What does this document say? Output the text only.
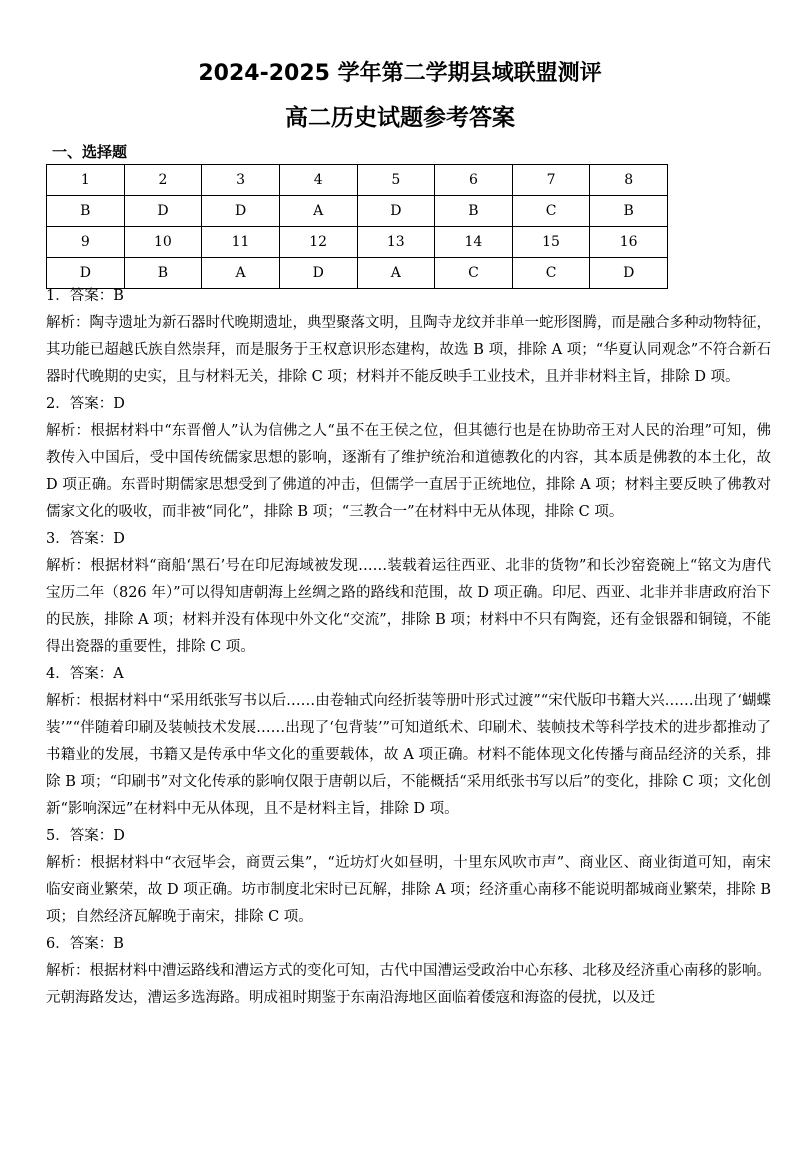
2024-2025 学年第二学期县域联盟测评
高二历史试题参考答案
一、选择题
1	2	3	4	5	6	7	8
B	D	D	A	D	B	C	B
9	10	11	12	13	14	15	16
D	B	A	D	A	C	C	D
1．答案：B
解析：陶寺遗址为新石器时代晚期遗址，典型聚落文明，且陶寺龙纹并非单一蛇形图腾，而是融合多种动物特征，其功能已超越氏族自然崇拜，而是服务于王权意识形态建构，故选 B 项，排除 A 项；“华夏认同观念”不符合新石器时代晚期的史实，且与材料无关，排除 C 项；材料并不能反映手工业技术，且并非材料主旨，排除 D 项。
2．答案：D
解析：根据材料中“东晋僧人”认为信佛之人“虽不在王侯之位，但其德行也是在协助帝王对人民的治理”可知，佛教传入中国后，受中国传统儒家思想的影响，逐渐有了维护统治和道德教化的内容，其本质是佛教的本土化，故 D 项正确。东晋时期儒家思想受到了佛道的冲击，但儒学一直居于正统地位，排除 A 项；材料主要反映了佛教对儒家文化的吸收，而非被“同化”，排除 B 项；“三教合一”在材料中无从体现，排除 C 项。
3．答案：D
解析：根据材料“商船‘黑石’号在印尼海域被发现……装载着运往西亚、北非的货物”和长沙窑瓷碗上“铭文为唐代宝历二年（826 年）”可以得知唐朝海上丝绸之路的路线和范围，故 D 项正确。印尼、西亚、北非并非唐政府治下的民族，排除 A 项；材料并没有体现中外文化“交流”，排除 B 项；材料中不只有陶瓷，还有金银器和铜镜，不能得出瓷器的重要性，排除 C 项。
4．答案：A
解析：根据材料中“采用纸张写书以后……由卷轴式向经折装等册叶形式过渡”“宋代版印书籍大兴……出现了‘蝴蝶装’”“伴随着印刷及装帧技术发展……出现了‘包背装’”可知道纸术、印刷术、装帧技术等科学技术的进步都推动了书籍业的发展，书籍又是传承中华文化的重要载体，故 A 项正确。材料不能体现文化传播与商品经济的关系，排除 B 项；“印刷书”对文化传承的影响仅限于唐朝以后，不能概括“采用纸张书写以后”的变化，排除 C 项；文化创新“影响深远”在材料中无从体现，且不是材料主旨，排除 D 项。
5．答案：D
解析：根据材料中“衣冠毕会，商贾云集”，“近坊灯火如昼明，十里东风吹市声”、商业区、商业街道可知，南宋临安商业繁荣，故 D 项正确。坊市制度北宋时已瓦解，排除 A 项；经济重心南移不能说明都城商业繁荣，排除 B 项；自然经济瓦解晚于南宋，排除 C 项。
6．答案：B
解析：根据材料中漕运路线和漕运方式的变化可知，古代中国漕运受政治中心东移、北移及经济重心南移的影响。元朝海路发达，漕运多选海路。明成祖时期鉴于东南沿海地区面临着倭寇和海盗的侵扰，以及迁
